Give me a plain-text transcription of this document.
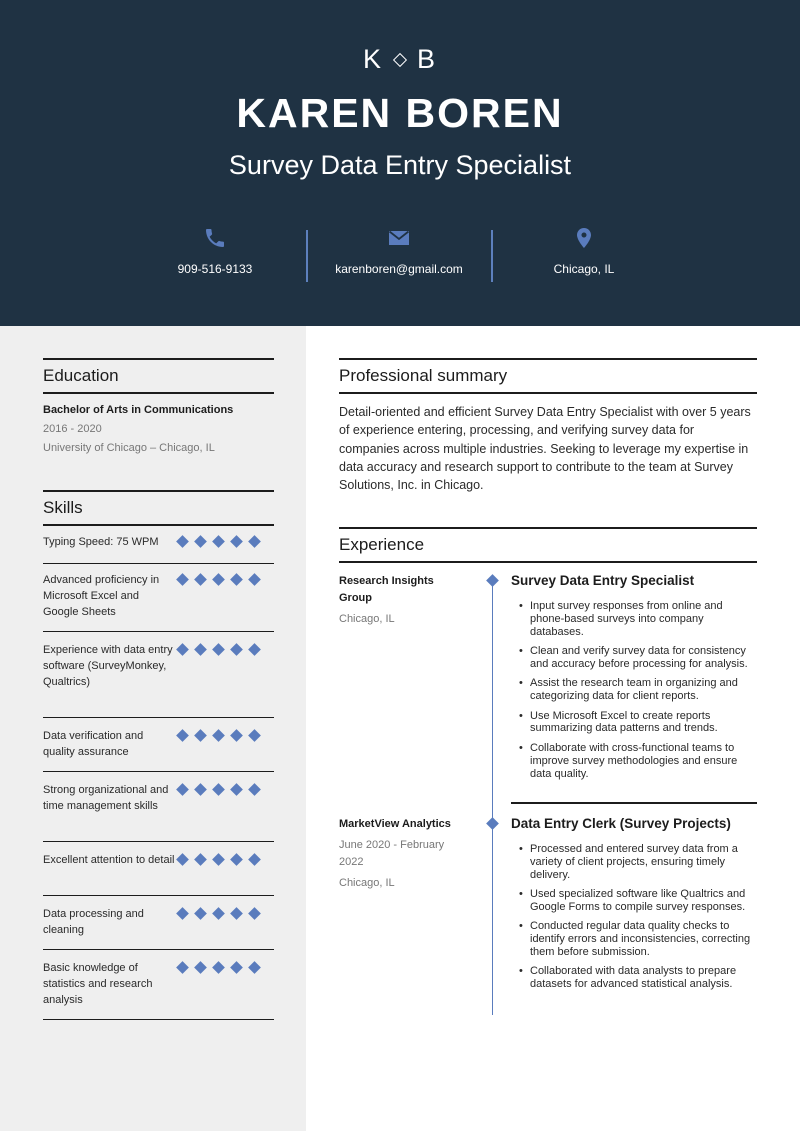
K B
KAREN BOREN
Survey Data Entry Specialist
909-516-9133	karenboren@gmail.com	Chicago, IL
Education
Bachelor of Arts in Communications
2016 - 2020
University of Chicago – Chicago, IL
Skills
Typing Speed: 75 WPM
Advanced proficiency in Microsoft Excel and Google Sheets
Experience with data entry software (SurveyMonkey, Qualtrics)
Data verification and quality assurance
Strong organizational and time management skills
Excellent attention to detail
Data processing and cleaning
Basic knowledge of statistics and research analysis
Professional summary
Detail-oriented and efficient Survey Data Entry Specialist with over 5 years of experience entering, processing, and verifying survey data for companies across multiple industries. Seeking to leverage my expertise in data accuracy and research support to contribute to the team at Survey Solutions, Inc. in Chicago.
Experience
Research Insights Group
Chicago, IL
Survey Data Entry Specialist
• Input survey responses from online and phone-based surveys into company databases.
• Clean and verify survey data for consistency and accuracy before processing for analysis.
• Assist the research team in organizing and categorizing data for client reports.
• Use Microsoft Excel to create reports summarizing data patterns and trends.
• Collaborate with cross-functional teams to improve survey methodologies and ensure data quality.
MarketView Analytics
June 2020 - February 2022
Chicago, IL
Data Entry Clerk (Survey Projects)
• Processed and entered survey data from a variety of client projects, ensuring timely delivery.
• Used specialized software like Qualtrics and Google Forms to compile survey responses.
• Conducted regular data quality checks to identify errors and inconsistencies, correcting them before submission.
• Collaborated with data analysts to prepare datasets for advanced statistical analysis.
